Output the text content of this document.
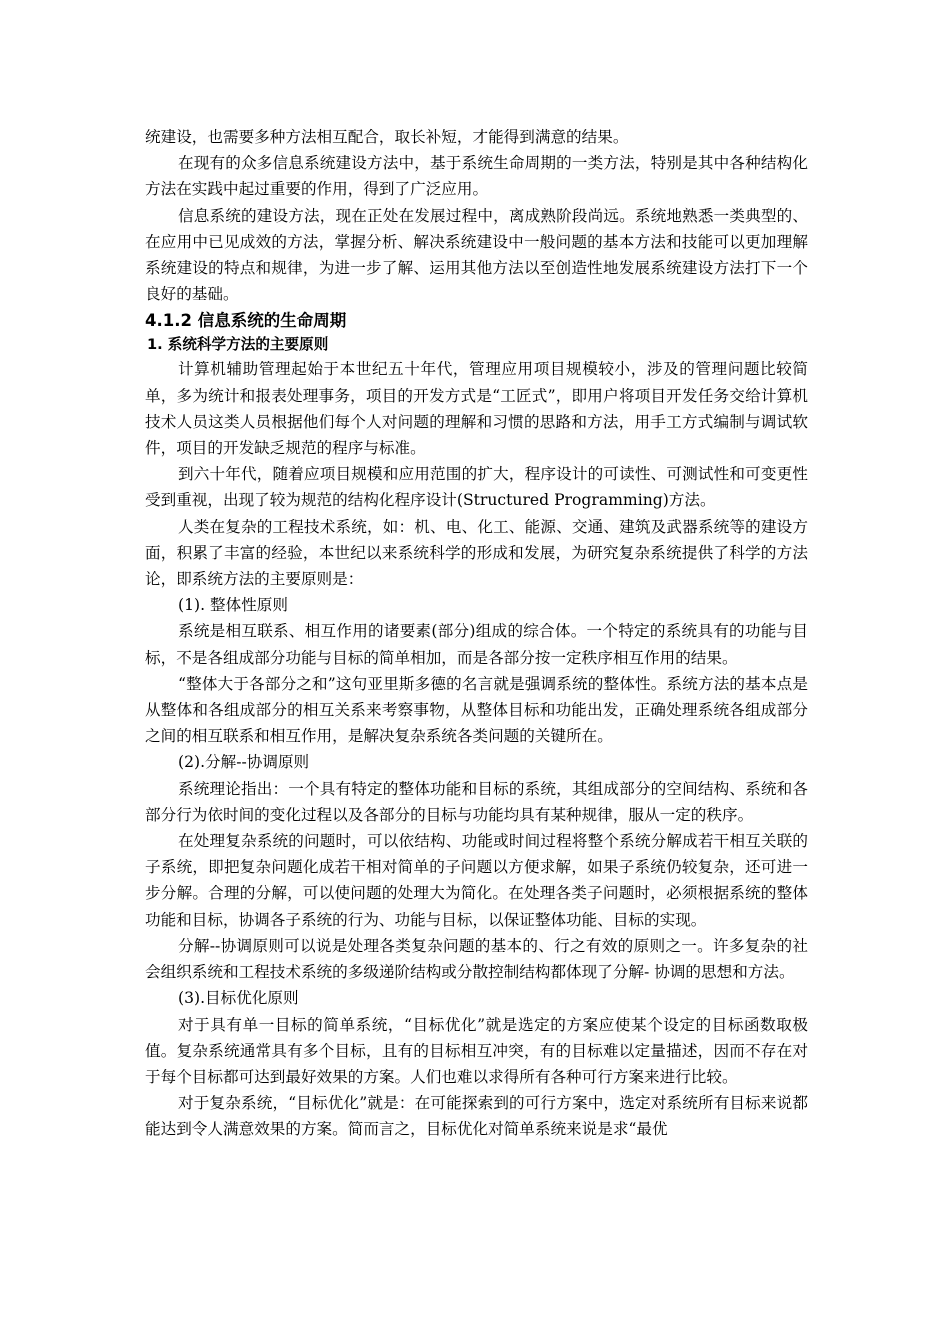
统建设，也需要多种方法相互配合，取长补短，才能得到满意的结果。

在现有的众多信息系统建设方法中，基于系统生命周期的一类方法，特别是其中各种结构化方法在实践中起过重要的作用，得到了广泛应用。

信息系统的建设方法，现在正处在发展过程中，离成熟阶段尚远。系统地熟悉一类典型的、在应用中已见成效的方法，掌握分析、解决系统建设中一般问题的基本方法和技能可以更加理解系统建设的特点和规律，为进一步了解、运用其他方法以至创造性地发展系统建设方法打下一个良好的基础。

4.1.2 信息系统的生命周期
1. 系统科学方法的主要原则

计算机辅助管理起始于本世纪五十年代，管理应用项目规模较小，涉及的管理问题比较简单，多为统计和报表处理事务，项目的开发方式是“工匠式”，即用户将项目开发任务交给计算机技术人员这类人员根据他们每个人对问题的理解和习惯的思路和方法，用手工方式编制与调试软件，项目的开发缺乏规范的程序与标准。

到六十年代，随着应项目规模和应用范围的扩大，程序设计的可读性、可测试性和可变更性受到重视，出现了较为规范的结构化程序设计(Structured Programming)方法。

人类在复杂的工程技术系统，如：机、电、化工、能源、交通、建筑及武器系统等的建设方面，积累了丰富的经验，本世纪以来系统科学的形成和发展，为研究复杂系统提供了科学的方法论，即系统方法的主要原则是：

(1). 整体性原则

系统是相互联系、相互作用的诸要素(部分)组成的综合体。一个特定的系统具有的功能与目标，不是各组成部分功能与目标的简单相加，而是各部分按一定秩序相互作用的结果。

“整体大于各部分之和”这句亚里斯多德的名言就是强调系统的整体性。系统方法的基本点是从整体和各组成部分的相互关系来考察事物，从整体目标和功能出发，正确处理系统各组成部分之间的相互联系和相互作用，是解决复杂系统各类问题的关键所在。

(2).分解--协调原则

系统理论指出：一个具有特定的整体功能和目标的系统，其组成部分的空间结构、系统和各部分行为依时间的变化过程以及各部分的目标与功能均具有某种规律，服从一定的秩序。

在处理复杂系统的问题时，可以依结构、功能或时间过程将整个系统分解成若干相互关联的子系统，即把复杂问题化成若干相对简单的子问题以方便求解，如果子系统仍较复杂，还可进一步分解。合理的分解，可以使问题的处理大为简化。在处理各类子问题时，必须根据系统的整体功能和目标，协调各子系统的行为、功能与目标，以保证整体功能、目标的实现。

分解--协调原则可以说是处理各类复杂问题的基本的、行之有效的原则之一。许多复杂的社会组织系统和工程技术系统的多级递阶结构或分散控制结构都体现了分解- 协调的思想和方法。

(3).目标优化原则

对于具有单一目标的简单系统，“目标优化”就是选定的方案应使某个设定的目标函数取极值。复杂系统通常具有多个目标，且有的目标相互冲突，有的目标难以定量描述，因而不存在对于每个目标都可达到最好效果的方案。人们也难以求得所有各种可行方案来进行比较。

对于复杂系统，“目标优化”就是：在可能探索到的可行方案中，选定对系统所有目标来说都能达到令人满意效果的方案。简而言之，目标优化对简单系统来说是求“最优
